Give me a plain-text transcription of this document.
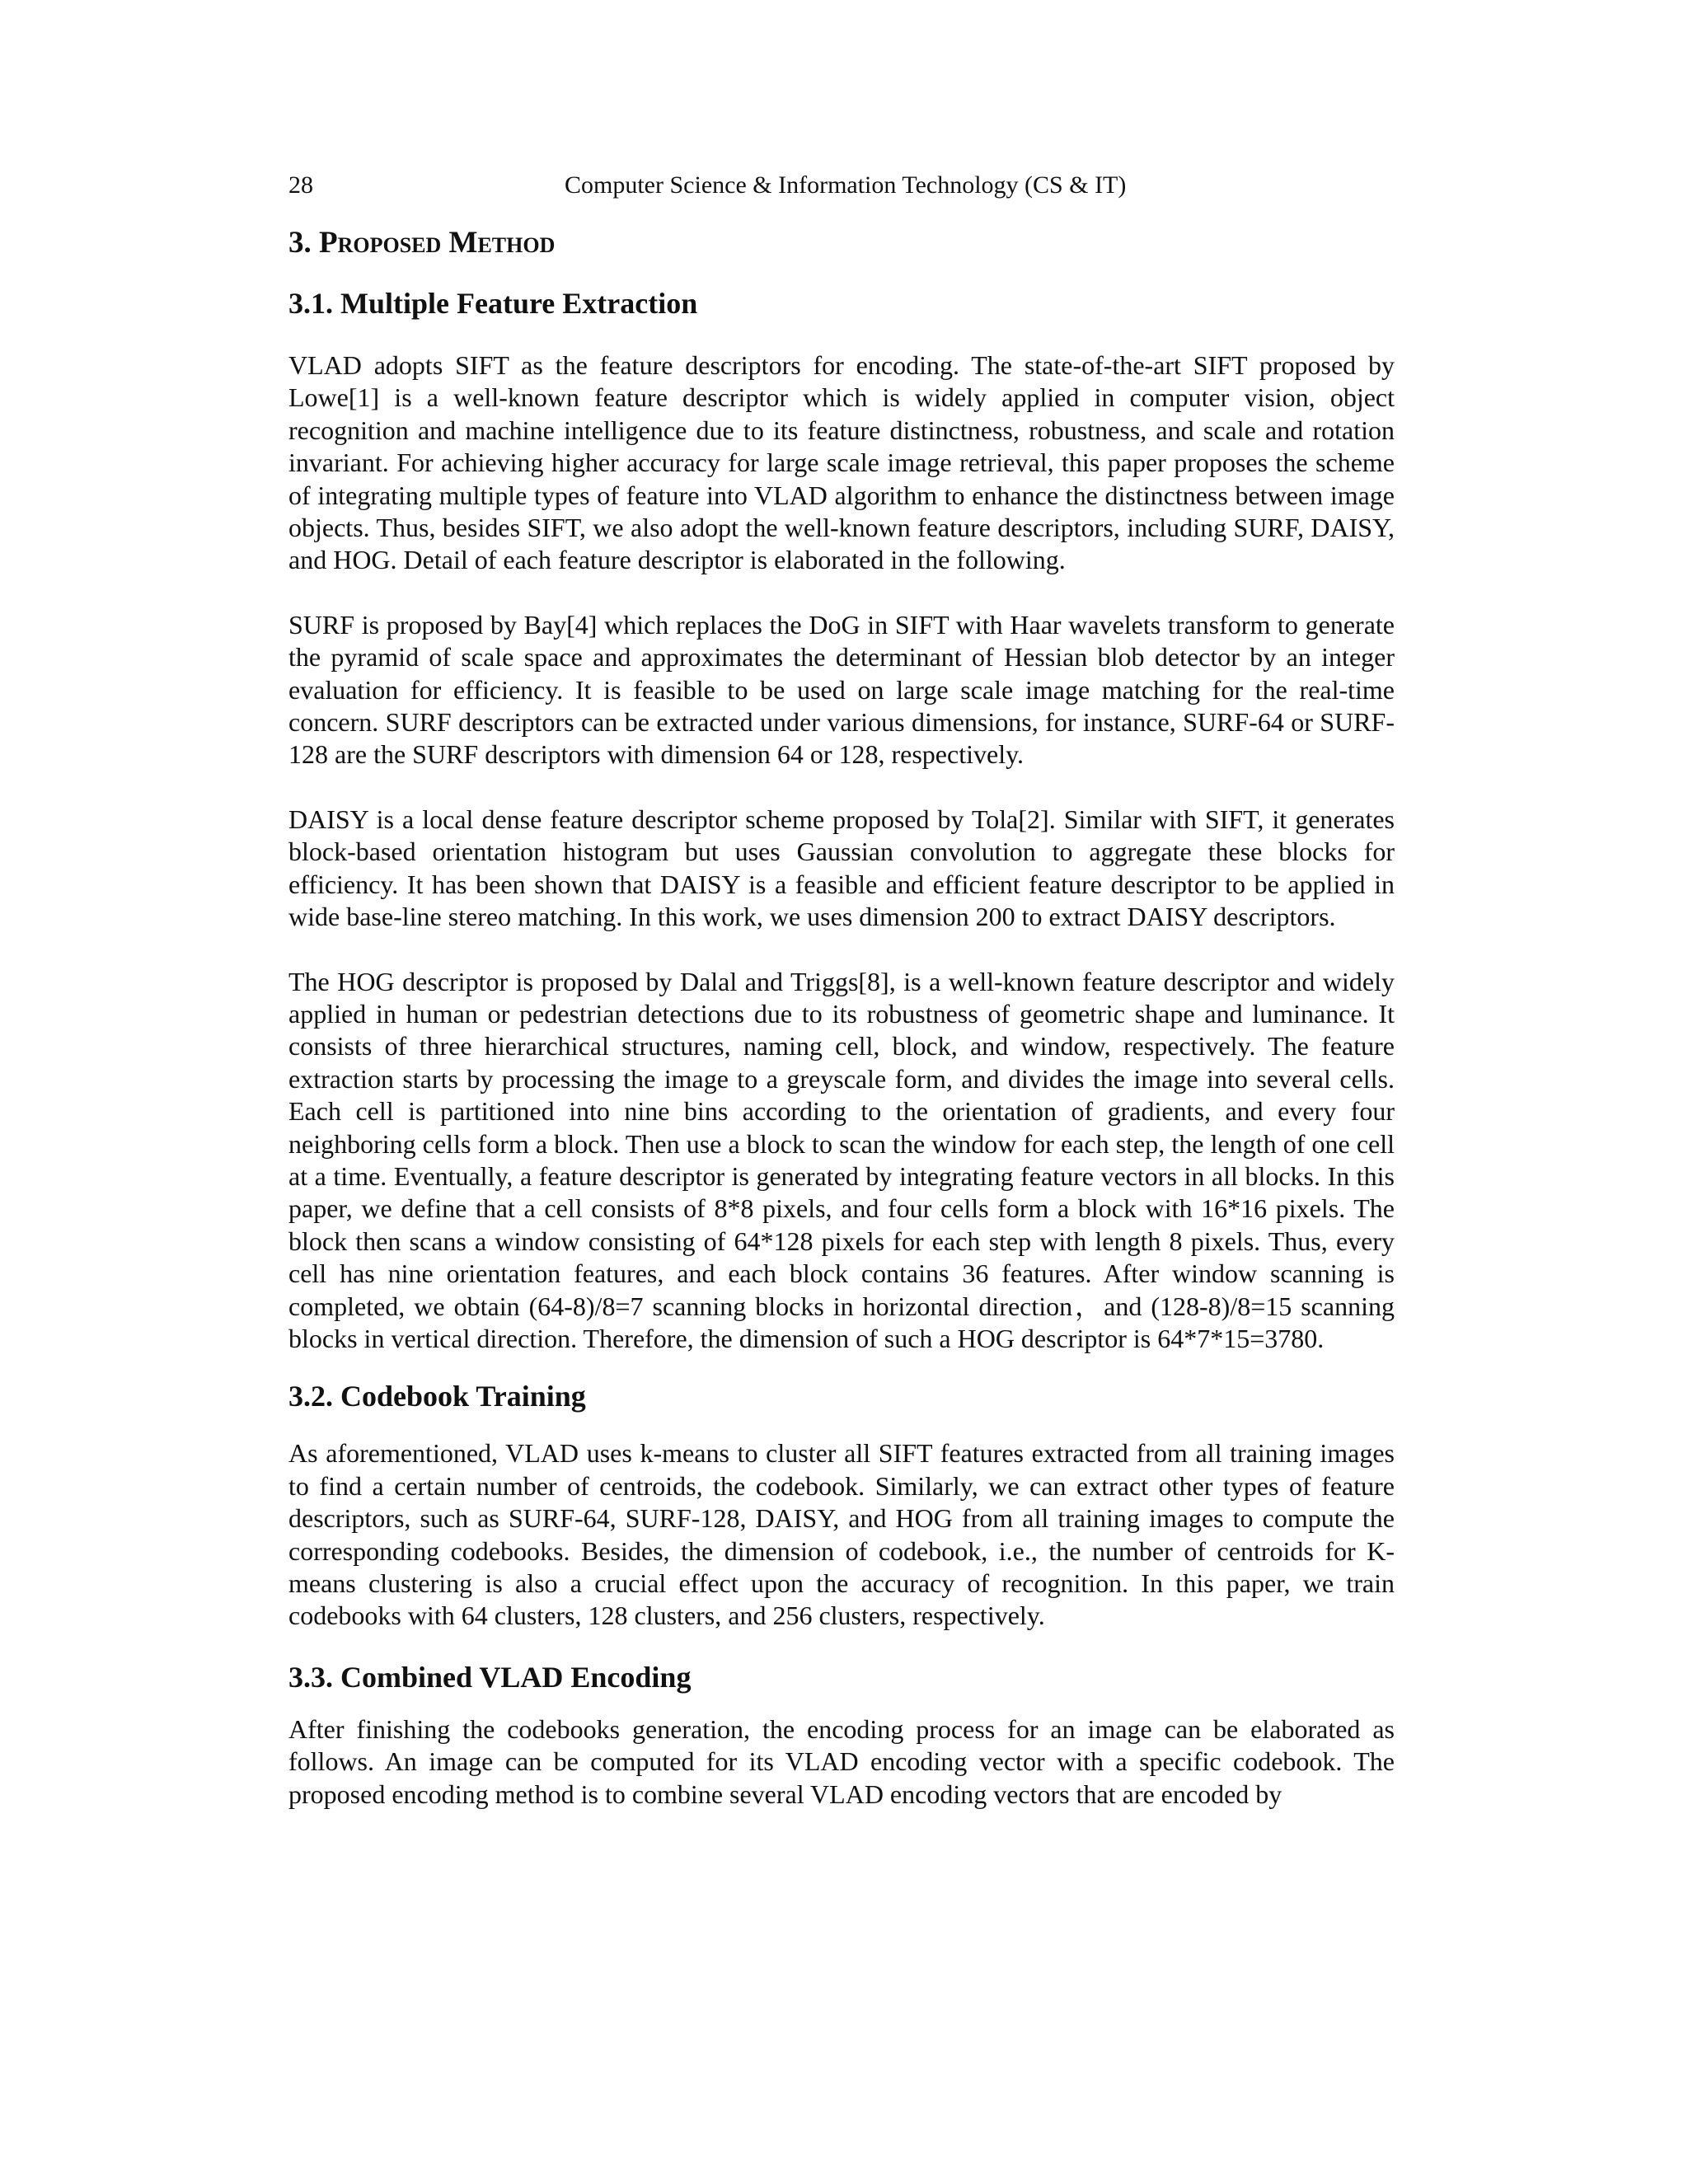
28	Computer Science & Information Technology (CS & IT)
3. Proposed Method
3.1. Multiple Feature Extraction

VLAD adopts SIFT as the feature descriptors for encoding. The state-of-the-art SIFT proposed by Lowe[1] is a well-known feature descriptor which is widely applied in computer vision, object recognition and machine intelligence due to its feature distinctness, robustness, and scale and rotation invariant. For achieving higher accuracy for large scale image retrieval, this paper proposes the scheme of integrating multiple types of feature into VLAD algorithm to enhance the distinctness between image objects. Thus, besides SIFT, we also adopt the well-known feature descriptors, including SURF, DAISY, and HOG. Detail of each feature descriptor is elaborated in the following.

SURF is proposed by Bay[4] which replaces the DoG in SIFT with Haar wavelets transform to generate the pyramid of scale space and approximates the determinant of Hessian blob detector by an integer evaluation for efficiency. It is feasible to be used on large scale image matching for the real-time concern. SURF descriptors can be extracted under various dimensions, for instance, SURF-64 or SURF-128 are the SURF descriptors with dimension 64 or 128, respectively.

DAISY is a local dense feature descriptor scheme proposed by Tola[2]. Similar with SIFT, it generates block-based orientation histogram but uses Gaussian convolution to aggregate these blocks for efficiency. It has been shown that DAISY is a feasible and efficient feature descriptor to be applied in wide base-line stereo matching. In this work, we uses dimension 200 to extract DAISY descriptors.

The HOG descriptor is proposed by Dalal and Triggs[8], is a well-known feature descriptor and widely applied in human or pedestrian detections due to its robustness of geometric shape and luminance. It consists of three hierarchical structures, naming cell, block, and window, respectively. The feature extraction starts by processing the image to a greyscale form, and divides the image into several cells. Each cell is partitioned into nine bins according to the orientation of gradients, and every four neighboring cells form a block. Then use a block to scan the window for each step, the length of one cell at a time. Eventually, a feature descriptor is generated by integrating feature vectors in all blocks. In this paper, we define that a cell consists of 8*8 pixels, and four cells form a block with 16*16 pixels. The block then scans a window consisting of 64*128 pixels for each step with length 8 pixels. Thus, every cell has nine orientation features, and each block contains 36 features. After window scanning is completed, we obtain (64-8)/8=7 scanning blocks in horizontal direction，and (128-8)/8=15 scanning blocks in vertical direction. Therefore, the dimension of such a HOG descriptor is 64*7*15=3780.

3.2. Codebook Training

As aforementioned, VLAD uses k-means to cluster all SIFT features extracted from all training images to find a certain number of centroids, the codebook. Similarly, we can extract other types of feature descriptors, such as SURF-64, SURF-128, DAISY, and HOG from all training images to compute the corresponding codebooks. Besides, the dimension of codebook, i.e., the number of centroids for K-means clustering is also a crucial effect upon the accuracy of recognition. In this paper, we train codebooks with 64 clusters, 128 clusters, and 256 clusters, respectively.

3.3. Combined VLAD Encoding

After finishing the codebooks generation, the encoding process for an image can be elaborated as follows. An image can be computed for its VLAD encoding vector with a specific codebook. The proposed encoding method is to combine several VLAD encoding vectors that are encoded by
